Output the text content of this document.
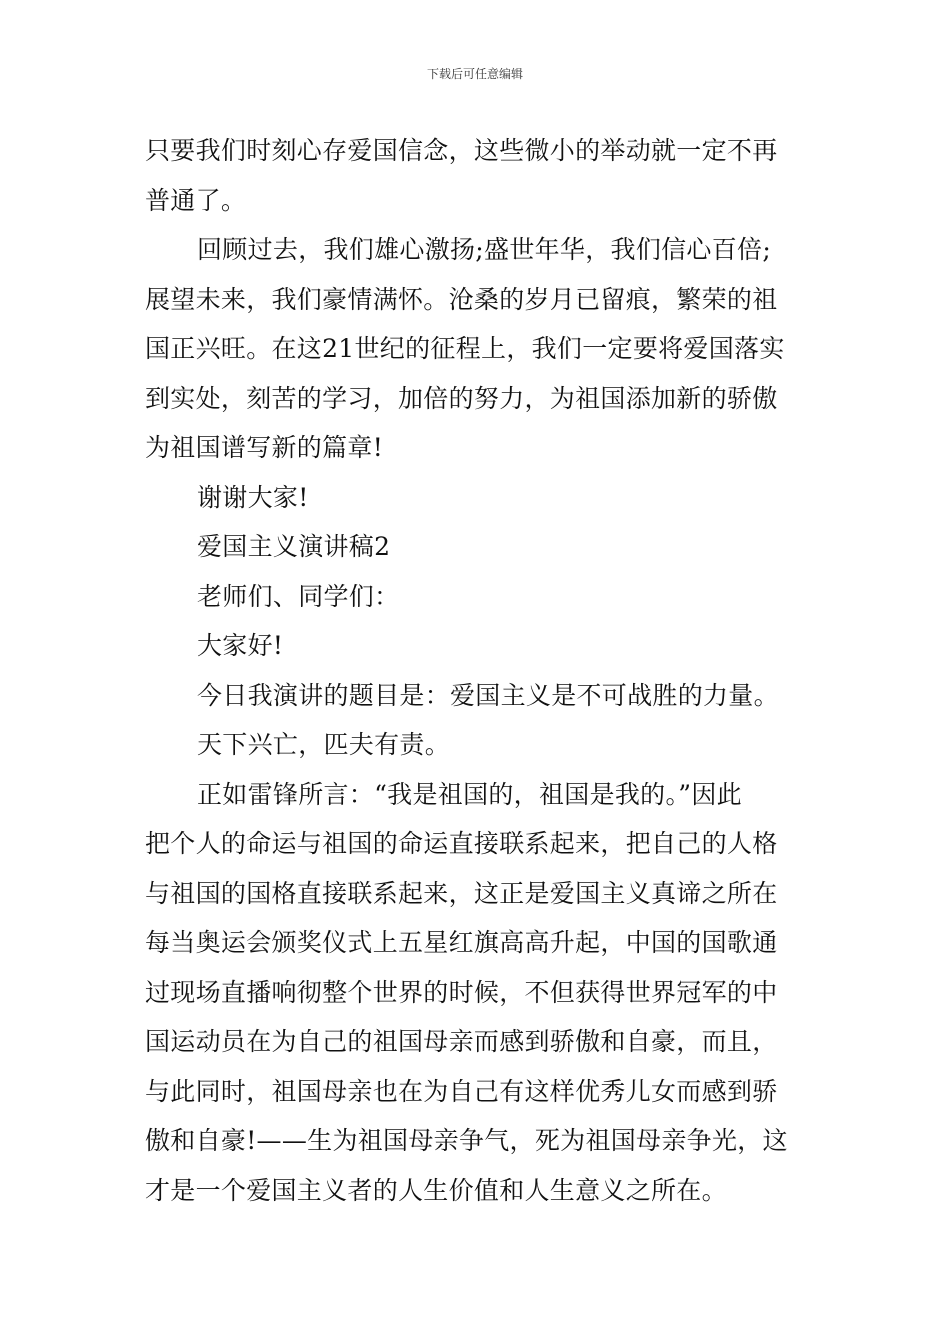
下载后可任意编辑
只要我们时刻心存爱国信念，这些微小的举动就一定不再
普通了。
回顾过去，我们雄心激扬;盛世年华，我们信心百倍;
展望未来，我们豪情满怀。沧桑的岁月已留痕，繁荣的祖
国正兴旺。在这21世纪的征程上，我们一定要将爱国落实
到实处，刻苦的学习，加倍的努力，为祖国添加新的骄傲
为祖国谱写新的篇章!
谢谢大家!
爱国主义演讲稿2
老师们、同学们：
大家好!
今日我演讲的题目是：爱国主义是不可战胜的力量。
天下兴亡，匹夫有责。
正如雷锋所言：“我是祖国的，祖国是我的。”因此
把个人的命运与祖国的命运直接联系起来，把自己的人格
与祖国的国格直接联系起来，这正是爱国主义真谛之所在
每当奥运会颁奖仪式上五星红旗高高升起，中国的国歌通
过现场直播响彻整个世界的时候，不但获得世界冠军的中
国运动员在为自己的祖国母亲而感到骄傲和自豪，而且，
与此同时，祖国母亲也在为自己有这样优秀儿女而感到骄
傲和自豪!——生为祖国母亲争气，死为祖国母亲争光，这
才是一个爱国主义者的人生价值和人生意义之所在。
